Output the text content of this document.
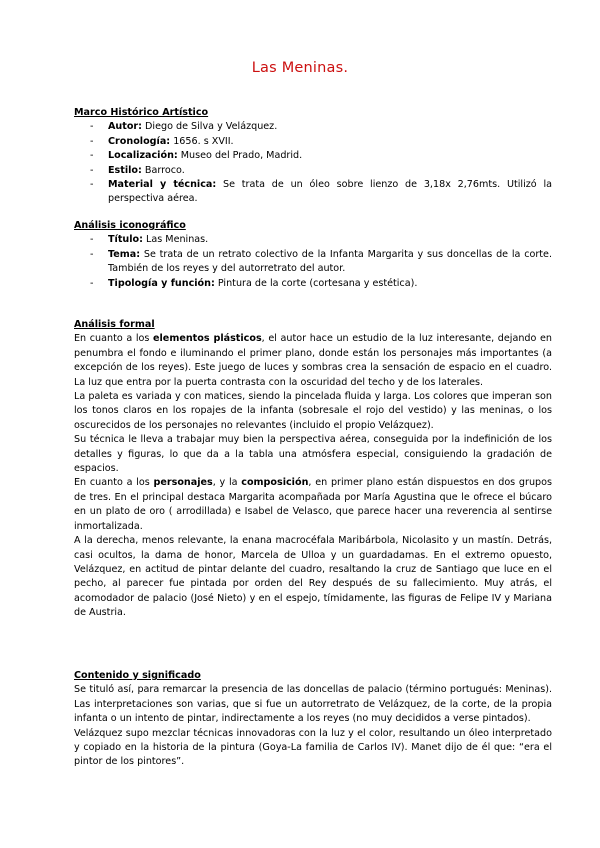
Las Meninas.
Marco Histórico Artístico
- Autor: Diego de Silva y Velázquez.
- Cronología: 1656. s XVII.
- Localización: Museo del Prado, Madrid.
- Estilo: Barroco.
- Material y técnica: Se trata de un óleo sobre lienzo de 3,18x 2,76mts. Utilizó la perspectiva aérea.
Análisis iconográfico
- Título: Las Meninas.
- Tema: Se trata de un retrato colectivo de la Infanta Margarita y sus doncellas de la corte. También de los reyes y del autorretrato del autor.
- Tipología y función: Pintura de la corte (cortesana y estética).
Análisis formal

En cuanto a los elementos plásticos, el autor hace un estudio de la luz interesante, dejando en penumbra el fondo e iluminando el primer plano, donde están los personajes más importantes (a excepción de los reyes). Este juego de luces y sombras crea la sensación de espacio en el cuadro. La luz que entra por la puerta contrasta con la oscuridad del techo y de los laterales.

La paleta es variada y con matices, siendo la pincelada fluida y larga. Los colores que imperan son los tonos claros en los ropajes de la infanta (sobresale el rojo del vestido) y las meninas, o los oscurecidos de los personajes no relevantes (incluido el propio Velázquez).

Su técnica le lleva a trabajar muy bien la perspectiva aérea, conseguida por la indefinición de los detalles y figuras, lo que da a la tabla una atmósfera especial, consiguiendo la gradación de espacios.

En cuanto a los personajes, y la composición, en primer plano están dispuestos en dos grupos de tres. En el principal destaca Margarita acompañada por María Agustina que le ofrece el búcaro en un plato de oro ( arrodillada) e Isabel de Velasco, que parece hacer una reverencia al sentirse inmortalizada.

A la derecha, menos relevante, la enana macrocéfala Maribárbola, Nicolasito y un mastín. Detrás, casi ocultos, la dama de honor, Marcela de Ulloa y un guardadamas. En el extremo opuesto, Velázquez, en actitud de pintar delante del cuadro, resaltando la cruz de Santiago que luce en el pecho, al parecer fue pintada por orden del Rey después de su fallecimiento. Muy atrás, el acomodador de palacio (José Nieto) y en el espejo, tímidamente, las figuras de Felipe IV y Mariana de Austria.

Contenido y significado

Se tituló así, para remarcar la presencia de las doncellas de palacio (término portugués: Meninas). Las interpretaciones son varias, que si fue un autorretrato de Velázquez, de la corte, de la propia infanta o un intento de pintar, indirectamente a los reyes (no muy decididos a verse pintados).

Velázquez supo mezclar técnicas innovadoras con la luz y el color, resultando un óleo interpretado y copiado en la historia de la pintura (Goya-La familia de Carlos IV). Manet dijo de él que: “era el pintor de los pintores”.
